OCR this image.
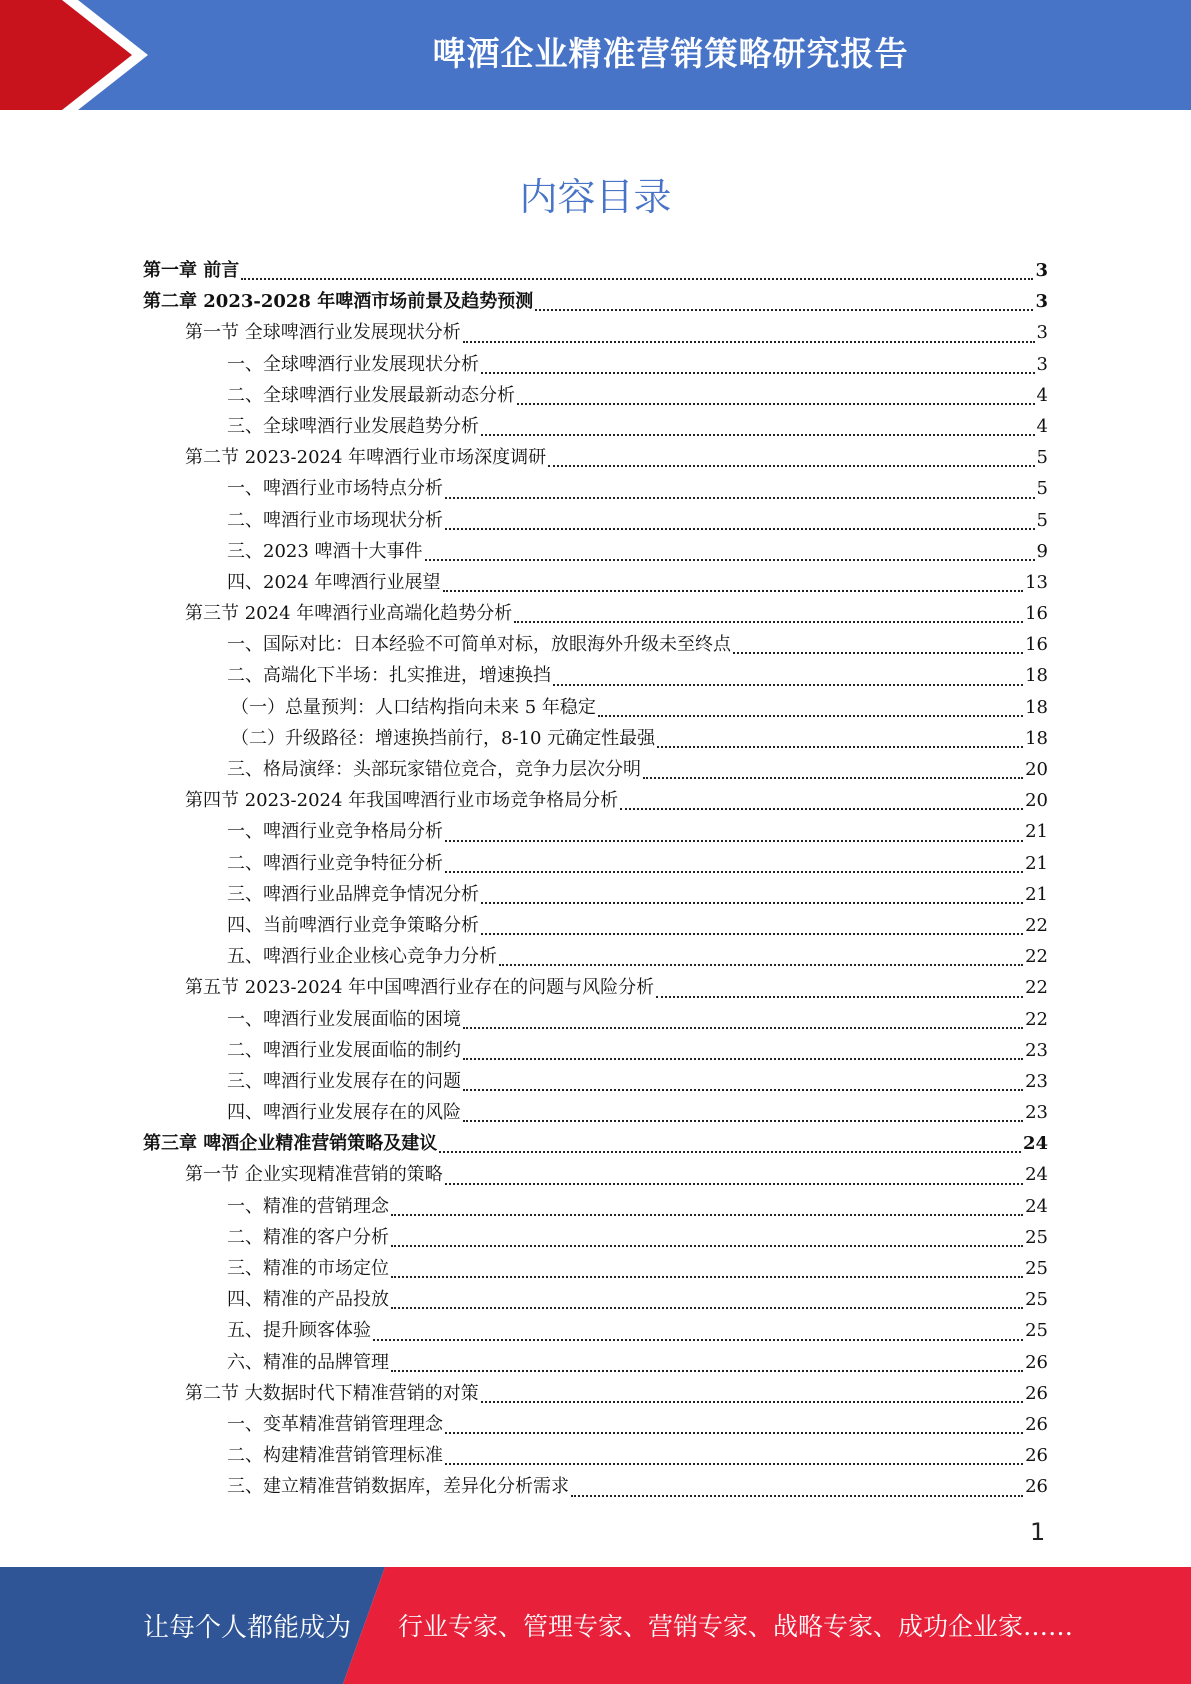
啤酒企业精准营销策略研究报告
内容目录
第一章 前言	3
第二章 2023-2028 年啤酒市场前景及趋势预测	3
第一节 全球啤酒行业发展现状分析	3
一、全球啤酒行业发展现状分析	3
二、全球啤酒行业发展最新动态分析	4
三、全球啤酒行业发展趋势分析	4
第二节 2023-2024 年啤酒行业市场深度调研	5
一、啤酒行业市场特点分析	5
二、啤酒行业市场现状分析	5
三、2023 啤酒十大事件	9
四、2024 年啤酒行业展望	13
第三节 2024 年啤酒行业高端化趋势分析	16
一、国际对比：日本经验不可简单对标，放眼海外升级未至终点	16
二、高端化下半场：扎实推进，增速换挡	18
（一）总量预判：人口结构指向未来 5 年稳定	18
（二）升级路径：增速换挡前行，8-10 元确定性最强	18
三、格局演绎：头部玩家错位竞合，竞争力层次分明	20
第四节 2023-2024 年我国啤酒行业市场竞争格局分析	20
一、啤酒行业竞争格局分析	21
二、啤酒行业竞争特征分析	21
三、啤酒行业品牌竞争情况分析	21
四、当前啤酒行业竞争策略分析	22
五、啤酒行业企业核心竞争力分析	22
第五节 2023-2024 年中国啤酒行业存在的问题与风险分析	22
一、啤酒行业发展面临的困境	22
二、啤酒行业发展面临的制约	23
三、啤酒行业发展存在的问题	23
四、啤酒行业发展存在的风险	23
第三章 啤酒企业精准营销策略及建议	24
第一节 企业实现精准营销的策略	24
一、精准的营销理念	24
二、精准的客户分析	25
三、精准的市场定位	25
四、精准的产品投放	25
五、提升顾客体验	25
六、精准的品牌管理	26
第二节 大数据时代下精准营销的对策	26
一、变革精准营销管理理念	26
二、构建精准营销管理标准	26
三、建立精准营销数据库，差异化分析需求	26
1
让每个人都能成为 行业专家、管理专家、营销专家、战略专家、成功企业家……
